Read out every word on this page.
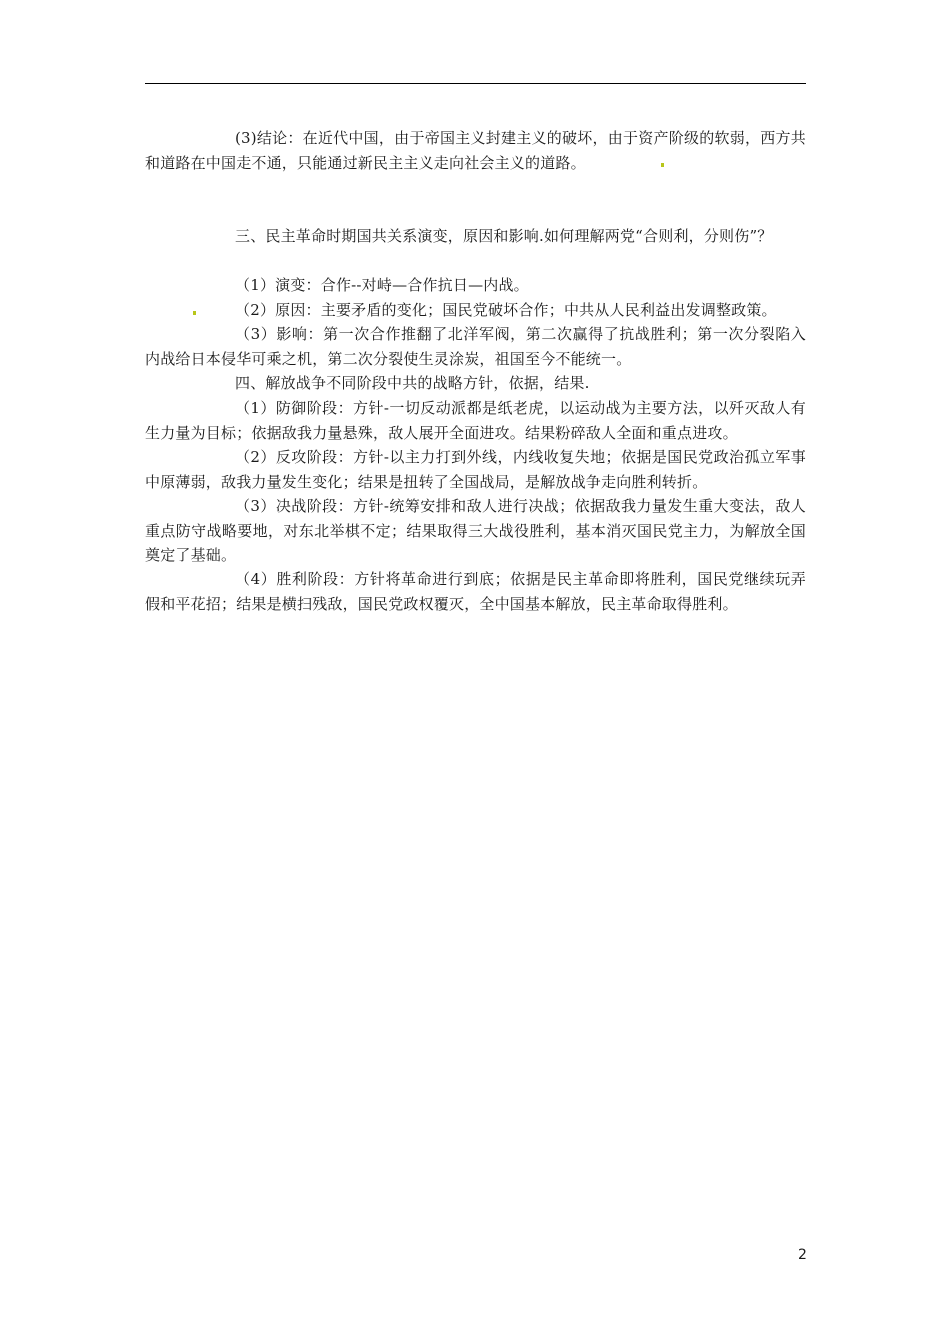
(3)结论：在近代中国，由于帝国主义封建主义的破坏，由于资产阶级的软弱，西方共和道路在中国走不通，只能通过新民主主义走向社会主义的道路。

三、民主革命时期国共关系演变，原因和影响.如何理解两党“合则利，分则伤”？

（1）演变：合作--对峙—合作抗日—内战。

（2）原因：主要矛盾的变化；国民党破坏合作；中共从人民利益出发调整政策。

（3）影响：第一次合作推翻了北洋军阀，第二次赢得了抗战胜利；第一次分裂陷入内战给日本侵华可乘之机，第二次分裂使生灵涂炭，祖国至今不能统一。

四、解放战争不同阶段中共的战略方针，依据，结果.

（1）防御阶段：方针-一切反动派都是纸老虎，以运动战为主要方法，以歼灭敌人有生力量为目标；依据敌我力量悬殊，敌人展开全面进攻。结果粉碎敌人全面和重点进攻。

（2）反攻阶段：方针-以主力打到外线，内线收复失地；依据是国民党政治孤立军事中原薄弱，敌我力量发生变化；结果是扭转了全国战局，是解放战争走向胜利转折。

（3）决战阶段：方针-统筹安排和敌人进行决战；依据敌我力量发生重大变法，敌人重点防守战略要地，对东北举棋不定；结果取得三大战役胜利，基本消灭国民党主力，为解放全国奠定了基础。

（4）胜利阶段：方针将革命进行到底；依据是民主革命即将胜利，国民党继续玩弄假和平花招；结果是横扫残敌，国民党政权覆灭，全中国基本解放，民主革命取得胜利。

2
